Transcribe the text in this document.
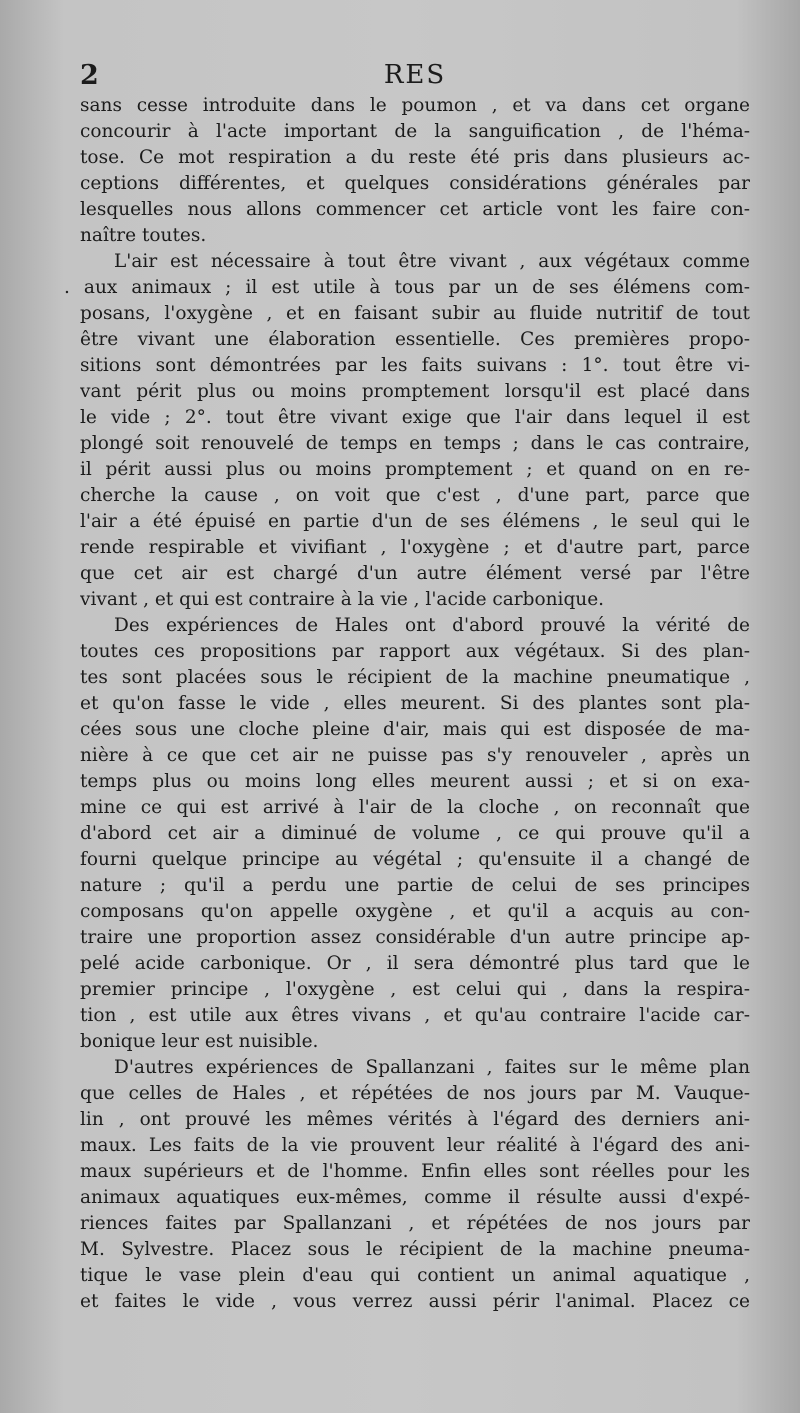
2	RES
sans cesse introduite dans le poumon , et va dans cet organe
concourir à l'acte important de la sanguification , de l'héma-
tose. Ce mot respiration a du reste été pris dans plusieurs ac-
ceptions différentes, et quelques considérations générales par
lesquelles nous allons commencer cet article vont les faire con-
naître toutes.
L'air est nécessaire à tout être vivant , aux végétaux comme
. aux animaux ; il est utile à tous par un de ses élémens com-
posans, l'oxygène , et en faisant subir au fluide nutritif de tout
être vivant une élaboration essentielle. Ces premières propo-
sitions sont démontrées par les faits suivans : 1°. tout être vi-
vant périt plus ou moins promptement lorsqu'il est placé dans
le vide ; 2°. tout être vivant exige que l'air dans lequel il est
plongé soit renouvelé de temps en temps ; dans le cas contraire,
il périt aussi plus ou moins promptement ; et quand on en re-
cherche la cause , on voit que c'est , d'une part, parce que
l'air a été épuisé en partie d'un de ses élémens , le seul qui le
rende respirable et vivifiant , l'oxygène ; et d'autre part, parce
que cet air est chargé d'un autre élément versé par l'être
vivant , et qui est contraire à la vie , l'acide carbonique.
Des expériences de Hales ont d'abord prouvé la vérité de
toutes ces propositions par rapport aux végétaux. Si des plan-
tes sont placées sous le récipient de la machine pneumatique ,
et qu'on fasse le vide , elles meurent. Si des plantes sont pla-
cées sous une cloche pleine d'air, mais qui est disposée de ma-
nière à ce que cet air ne puisse pas s'y renouveler , après un
temps plus ou moins long elles meurent aussi ; et si on exa-
mine ce qui est arrivé à l'air de la cloche , on reconnaît que
d'abord cet air a diminué de volume , ce qui prouve qu'il a
fourni quelque principe au végétal ; qu'ensuite il a changé de
nature ; qu'il a perdu une partie de celui de ses principes
composans qu'on appelle oxygène , et qu'il a acquis au con-
traire une proportion assez considérable d'un autre principe ap-
pelé acide carbonique. Or , il sera démontré plus tard que le
premier principe , l'oxygène , est celui qui , dans la respira-
tion , est utile aux êtres vivans , et qu'au contraire l'acide car-
bonique leur est nuisible.
D'autres expériences de Spallanzani , faites sur le même plan
que celles de Hales , et répétées de nos jours par M. Vauque-
lin , ont prouvé les mêmes vérités à l'égard des derniers ani-
maux. Les faits de la vie prouvent leur réalité à l'égard des ani-
maux supérieurs et de l'homme. Enfin elles sont réelles pour les
animaux aquatiques eux-mêmes, comme il résulte aussi d'expé-
riences faites par Spallanzani , et répétées de nos jours par
M. Sylvestre. Placez sous le récipient de la machine pneuma-
tique le vase plein d'eau qui contient un animal aquatique ,
et faites le vide , vous verrez aussi périr l'animal. Placez ce
